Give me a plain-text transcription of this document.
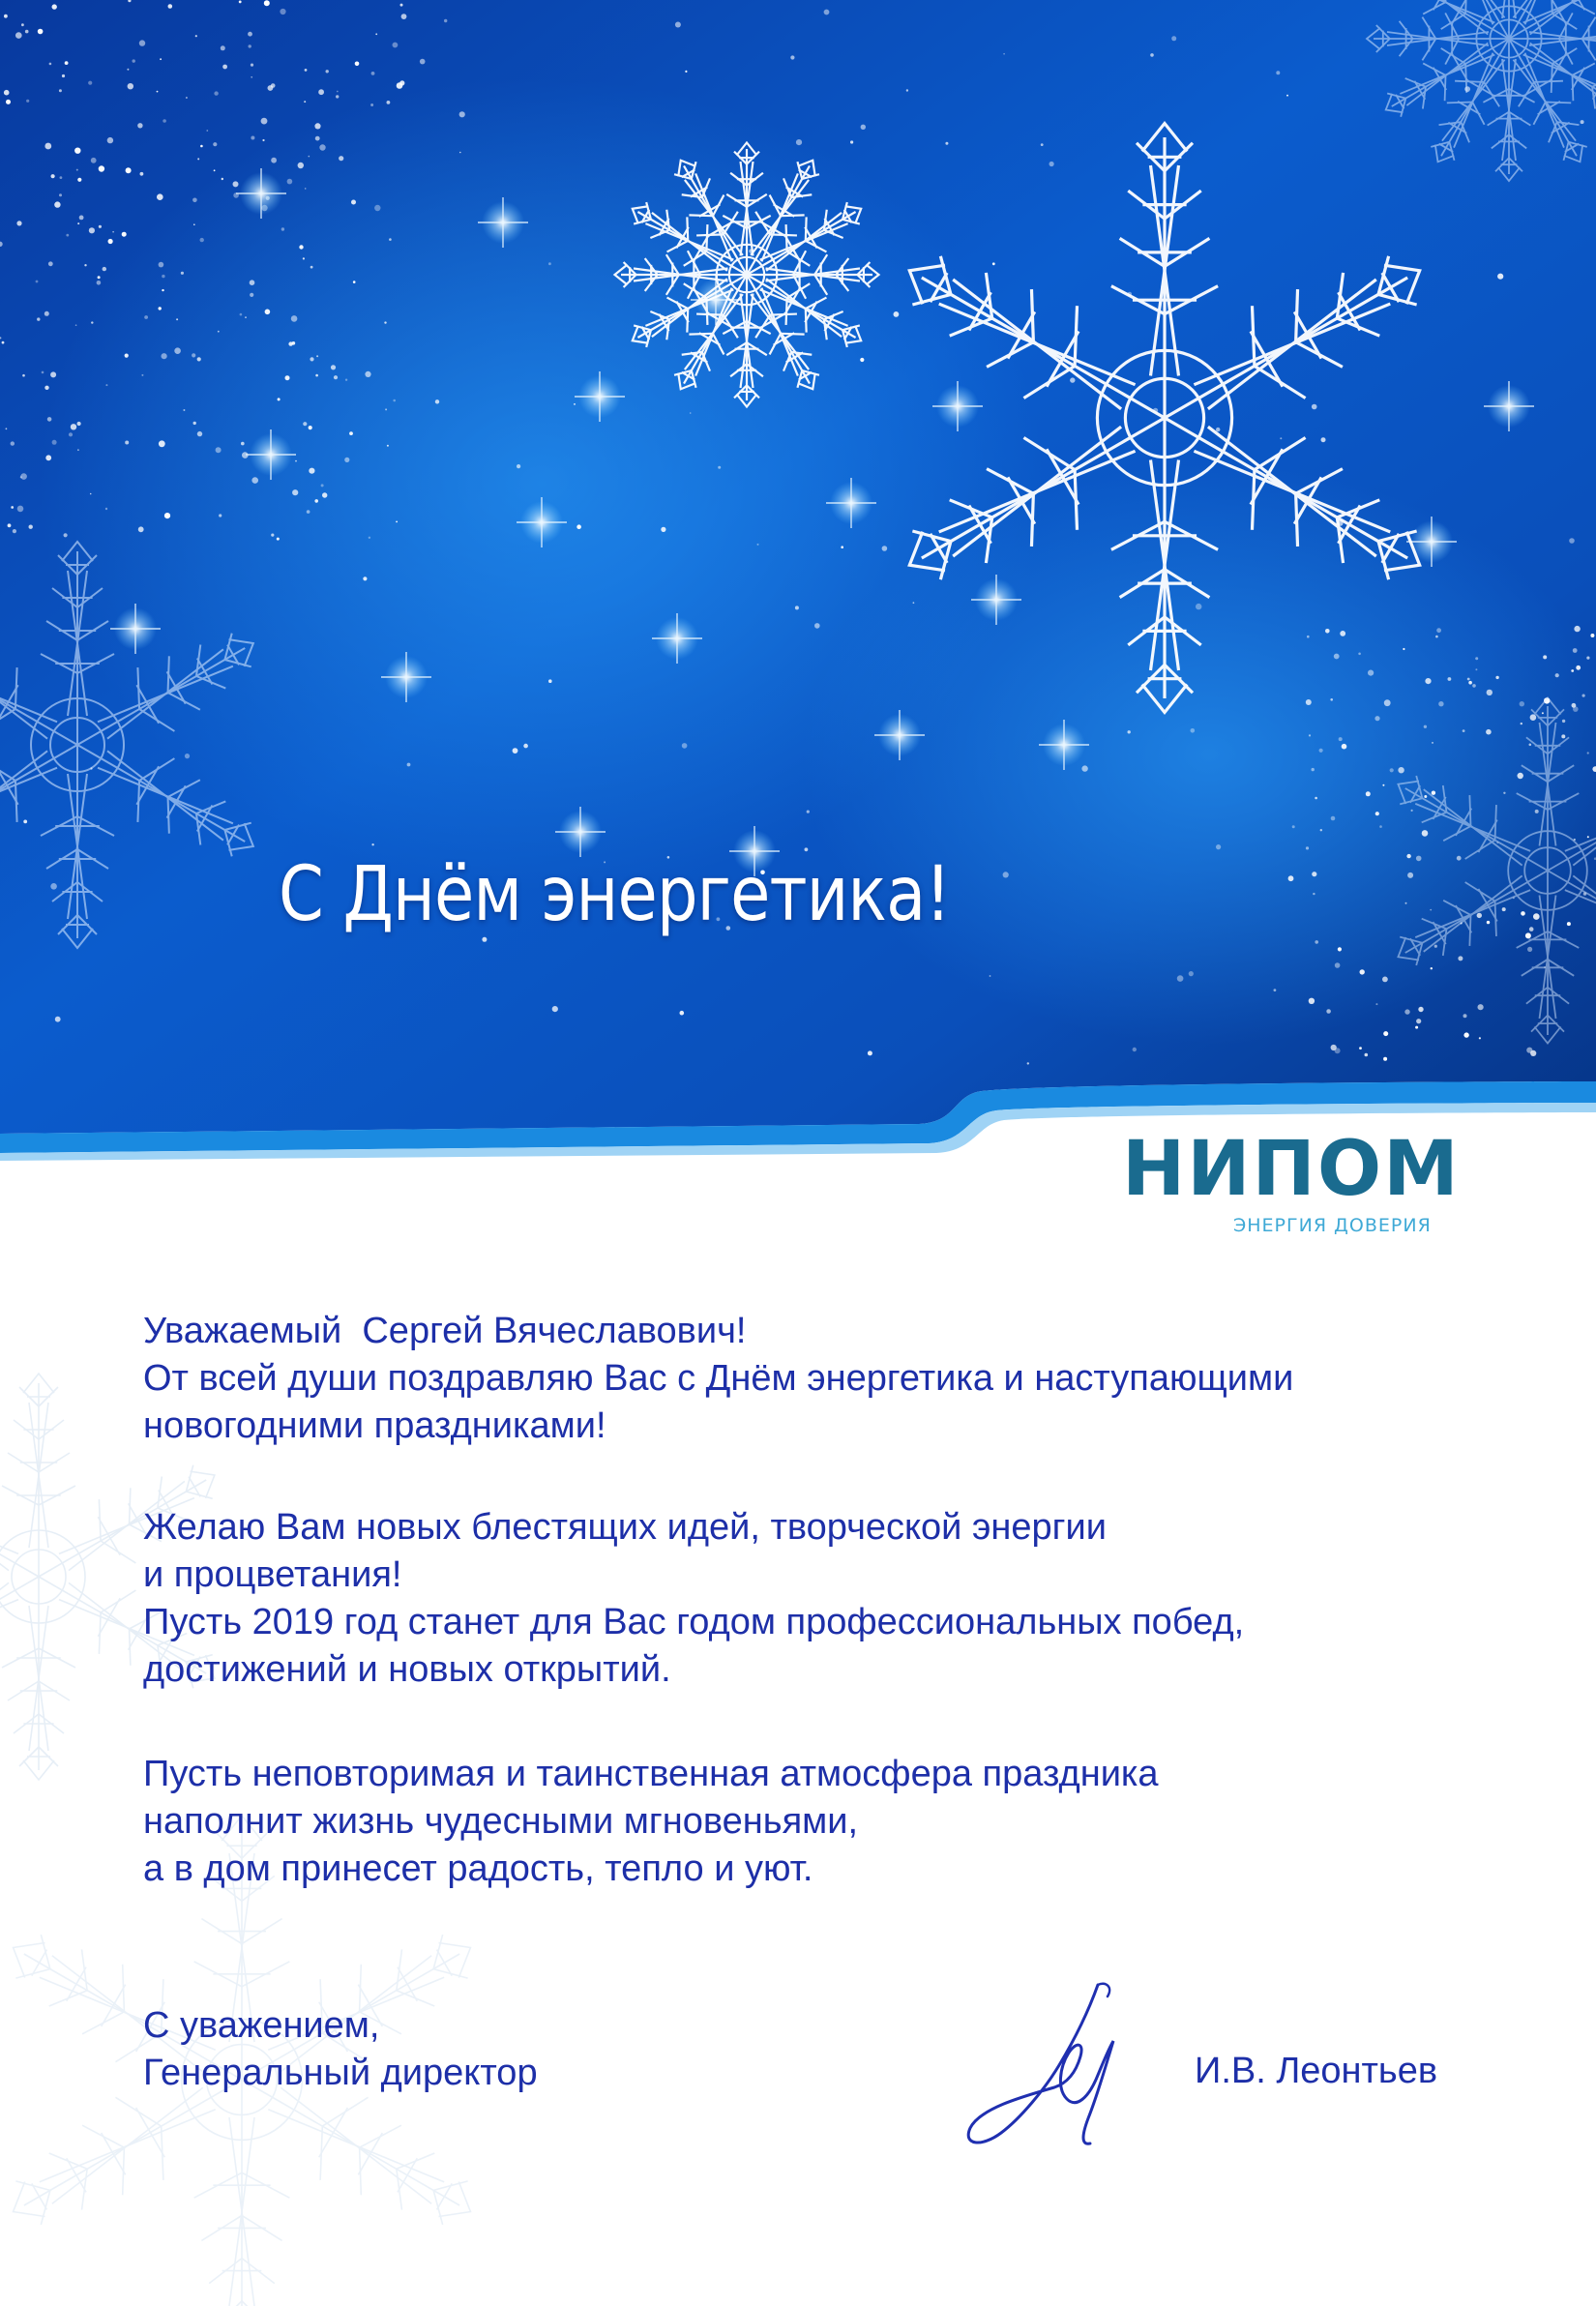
С Днём энергетика!
НИПОМ
ЭНЕРГИЯ ДОВЕРИЯ

Уважаемый  Сергей Вячеславович!

От всей души поздравляю Вас с Днём энергетика и наступающими

новогодними праздниками!

Желаю Вам новых блестящих идей, творческой энергии

и процветания!

Пусть 2019 год станет для Вас годом профессиональных побед,

достижений и новых открытий.

Пусть неповторимая и таинственная атмосфера праздника

наполнит жизнь чудесными мгновеньями,

а в дом принесет радость, тепло и уют.

С уважением,

Генеральный директор	И.В. Леонтьев
